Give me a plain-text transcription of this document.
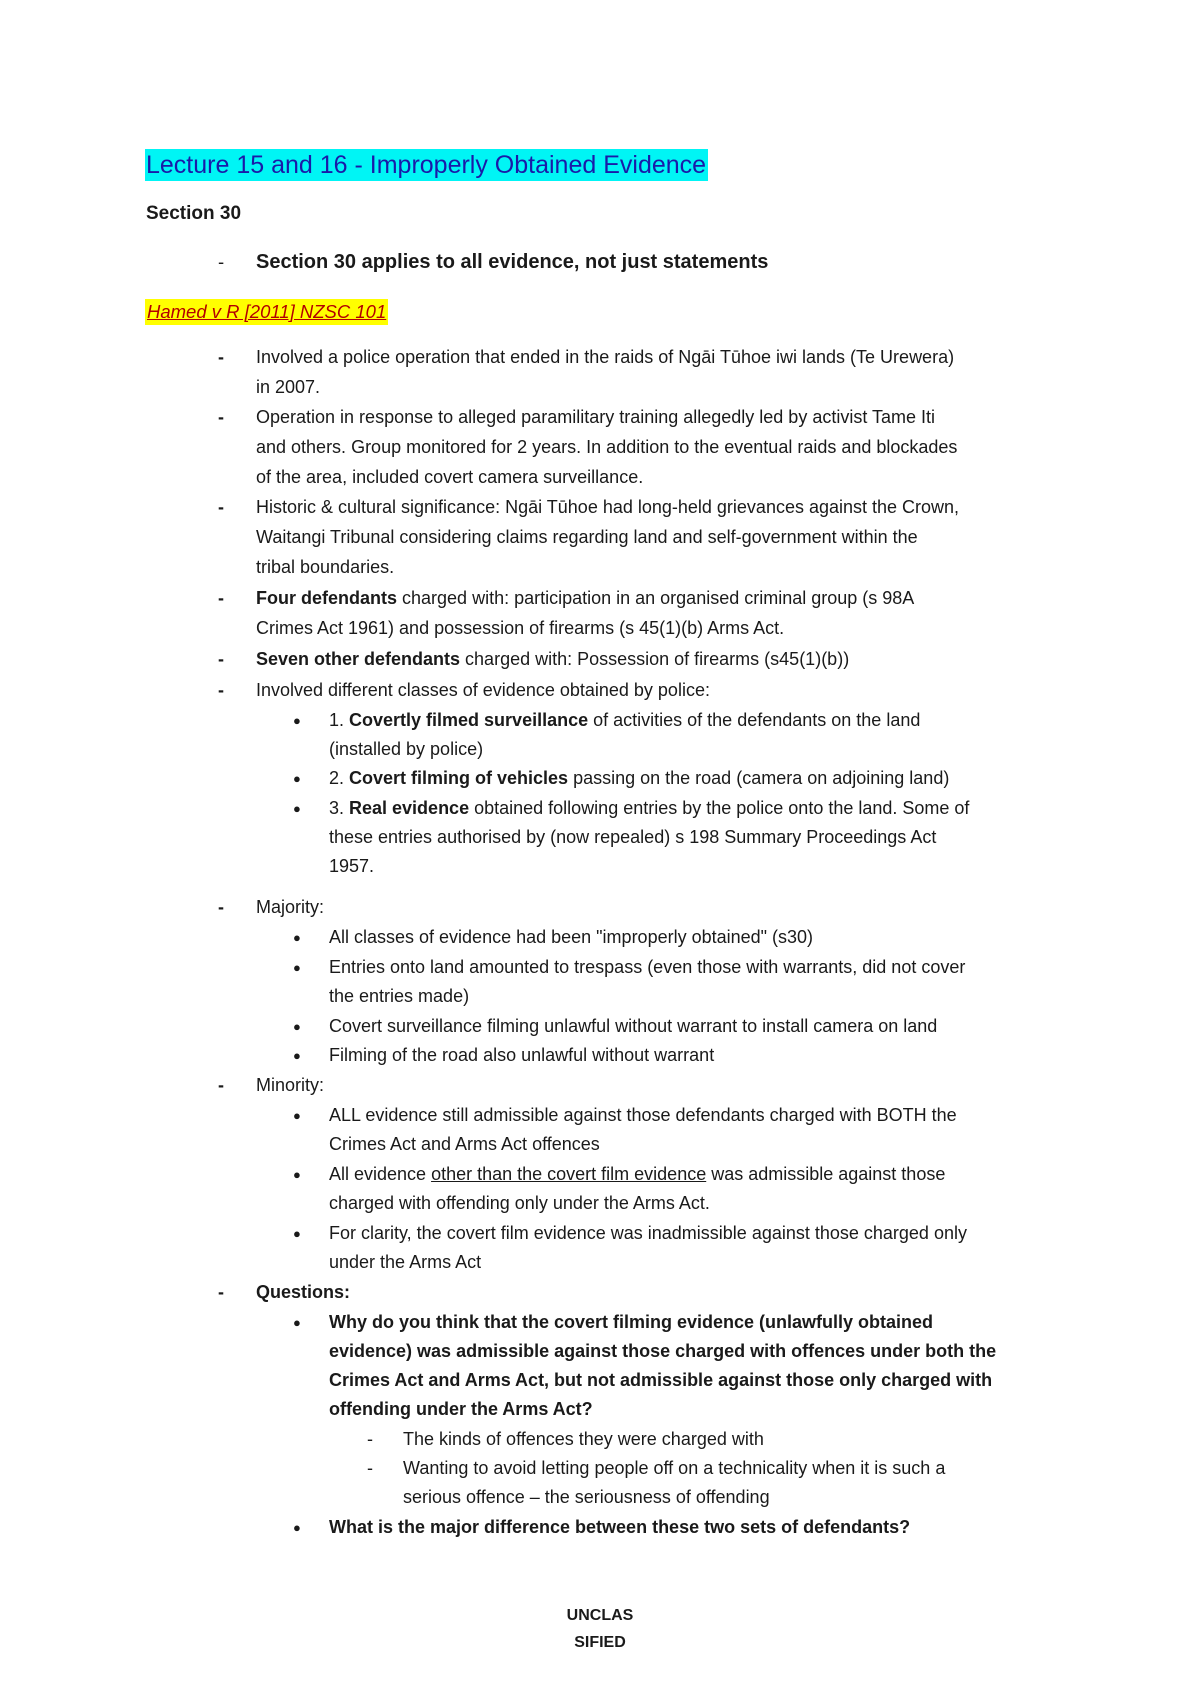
Lecture 15 and 16 - Improperly Obtained Evidence
Section 30
- Section 30 applies to all evidence, not just statements
Hamed v R [2011] NZSC 101
- Involved a police operation that ended in the raids of Ngāi Tūhoe iwi lands (Te Urewera)
in 2007.
- Operation in response to alleged paramilitary training allegedly led by activist Tame Iti
and others. Group monitored for 2 years. In addition to the eventual raids and blockades
of the area, included covert camera surveillance.
- Historic & cultural significance: Ngāi Tūhoe had long-held grievances against the Crown,
Waitangi Tribunal considering claims regarding land and self-government within the
tribal boundaries.
- Four defendants charged with: participation in an organised criminal group (s 98A
Crimes Act 1961) and possession of firearms (s 45(1)(b) Arms Act.
- Seven other defendants charged with: Possession of firearms (s45(1)(b))
- Involved different classes of evidence obtained by police:
● 1. Covertly filmed surveillance of activities of the defendants on the land
(installed by police)
● 2. Covert filming of vehicles passing on the road (camera on adjoining land)
● 3. Real evidence obtained following entries by the police onto the land. Some of
these entries authorised by (now repealed) s 198 Summary Proceedings Act
1957.
- Majority:
● All classes of evidence had been "improperly obtained" (s30)
● Entries onto land amounted to trespass (even those with warrants, did not cover
the entries made)
● Covert surveillance filming unlawful without warrant to install camera on land
● Filming of the road also unlawful without warrant
- Minority:
● ALL evidence still admissible against those defendants charged with BOTH the
Crimes Act and Arms Act offences
● All evidence other than the covert film evidence was admissible against those
charged with offending only under the Arms Act.
● For clarity, the covert film evidence was inadmissible against those charged only
under the Arms Act
- Questions:
● Why do you think that the covert filming evidence (unlawfully obtained
evidence) was admissible against those charged with offences under both the
Crimes Act and Arms Act, but not admissible against those only charged with
offending under the Arms Act?
- The kinds of offences they were charged with
- Wanting to avoid letting people off on a technicality when it is such a
serious offence – the seriousness of offending
● What is the major difference between these two sets of defendants?
UNCLAS
SIFIED
